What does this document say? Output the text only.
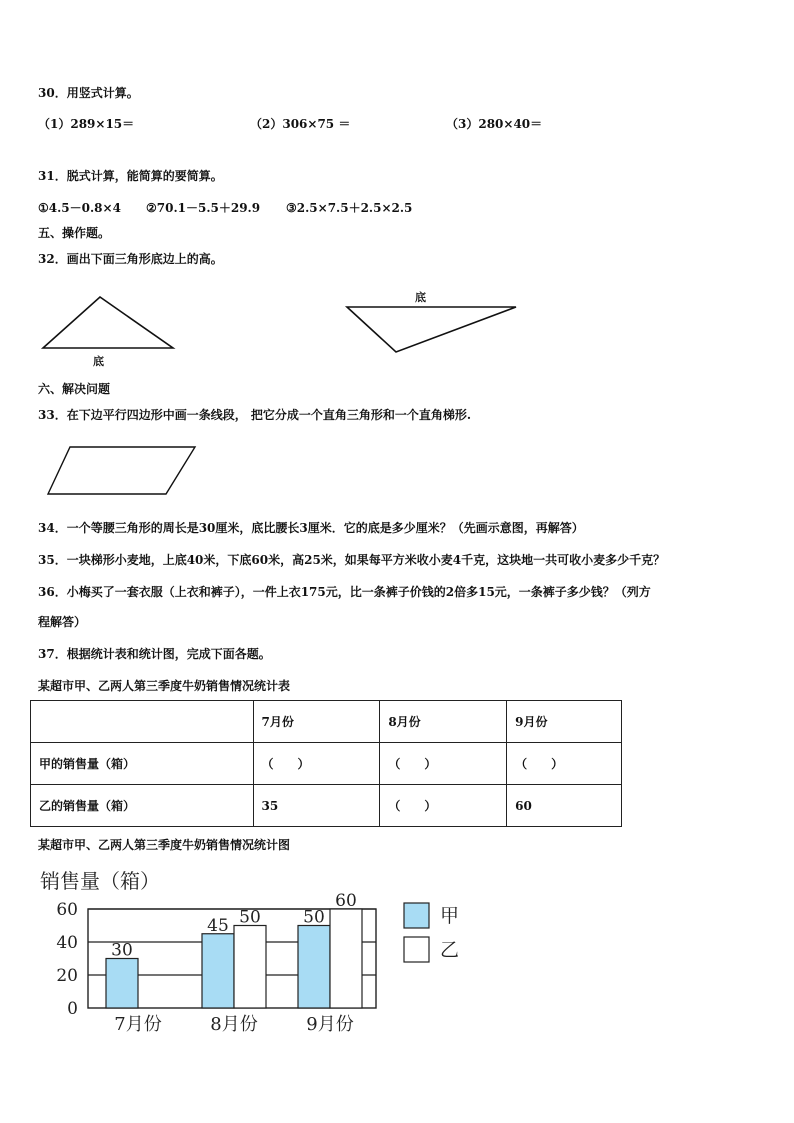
30．用竖式计算。
（1）289×15＝	（2）306×75 ＝	（3）280×40＝
31．脱式计算，能简算的要简算。
①4.5－0.8×4 ②70.1－5.5＋29.9 ③2.5×7.5＋2.5×2.5
五、操作题。
32．画出下面三角形底边上的高。
底
底
六、解决问题
33．在下边平行四边形中画一条线段， 把它分成一个直角三角形和一个直角梯形.
34．一个等腰三角形的周长是30厘米，底比腰长3厘米．它的底是多少厘米？（先画示意图，再解答）
35．一块梯形小麦地，上底40米，下底60米，高25米，如果每平方米收小麦4千克，这块地一共可收小麦多少千克？
36．小梅买了一套衣服（上衣和裤子），一件上衣175元，比一条裤子价钱的2倍多15元，一条裤子多少钱？（列方
程解答）
37．根据统计表和统计图，完成下面各题。
某超市甲、乙两人第三季度牛奶销售情况统计表
	7月份	8月份	9月份
甲的销售量（箱）	（　　）	（　　）	（　　）
乙的销售量（箱）	35	（　　）	60
某超市甲、乙两人第三季度牛奶销售情况统计图
销售量（箱）
0
20
40
60
30
7月份
45 50
8月份
50
60
9月份
甲
乙
